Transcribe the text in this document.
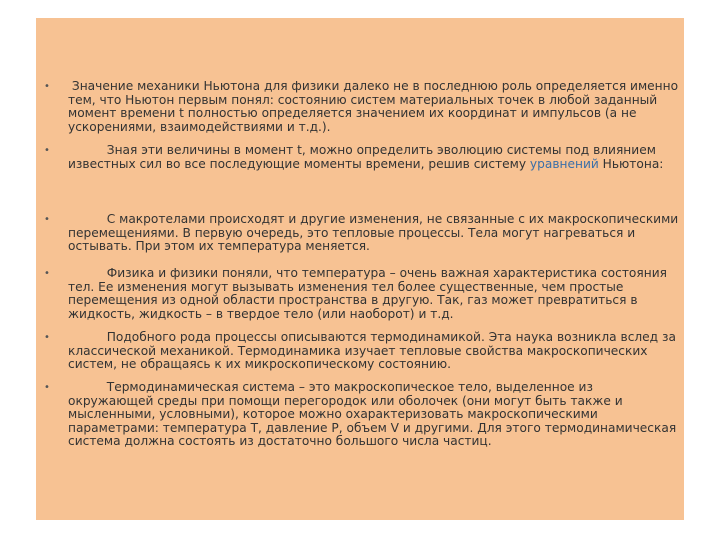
• Значение механики Ньютона для физики далеко не в последнюю роль определяется именно тем, что Ньютон первым понял: состоянию систем материальных точек в любой заданный момент времени t полностью определяется значением их координат и импульсов (а не ускорениями, взаимодействиями и т.д.).
• Зная эти величины в момент t, можно определить эволюцию системы под влиянием известных сил во все последующие моменты времени, решив систему уравнений Ньютона:
• С макротелами происходят и другие изменения, не связанные с их макроскопическими перемещениями. В первую очередь, это тепловые процессы. Тела могут нагреваться и остывать. При этом их температура меняется.
• Физика и физики поняли, что температура – очень важная характеристика состояния тел. Ее изменения могут вызывать изменения тел более существенные, чем простые перемещения из одной области пространства в другую. Так, газ может превратиться в жидкость, жидкость – в твердое тело (или наоборот) и т.д.
• Подобного рода процессы описываются термодинамикой. Эта наука возникла вслед за классической механикой. Термодинамика изучает тепловые свойства макроскопических систем, не обращаясь к их микроскопическому состоянию.
• Термодинамическая система – это макроскопическое тело, выделенное из окружающей среды при помощи перегородок или оболочек (они могут быть также и мысленными, условными), которое можно охарактеризовать макроскопическими параметрами: температура T, давление P, объем V и другими. Для этого термодинамическая система должна состоять из достаточно большого числа частиц.
